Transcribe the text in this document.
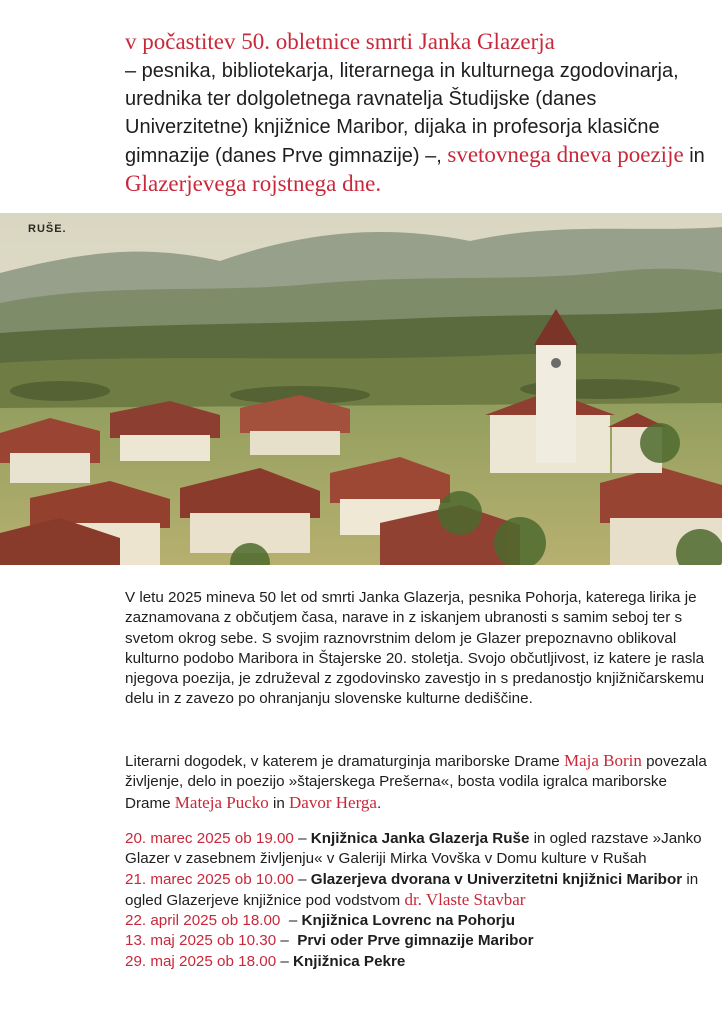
v počastitev 50. obletnice smrti Janka Glazerja
– pesnika, bibliotekarja, literarnega in kulturnega zgodovinarja, urednika ter dolgoletnega ravnatelja Študijske (danes Univerzitetne) knjižnice Maribor, dijaka in profesorja klasične gimnazije (danes Prve gimnazije) –, svetovnega dneva poezije in Glazerjevega rojstnega dne.
RUŠE.
V letu 2025 mineva 50 let od smrti Janka Glazerja, pesnika Pohorja, katerega lirika je zaznamovana z občutjem časa, narave in z iskanjem ubranosti s samim seboj ter s svetom okrog sebe. S svojim raznovrstnim delom je Glazer prepoznavno oblikoval kulturno podobo Maribora in Štajerske 20. stoletja. Svojo občutljivost, iz katere je rasla njegova poezija, je združeval z zgodovinsko zavestjo in s predanostjo knjižničarskemu delu in z zavezo po ohranjanju slovenske kulturne dediščine.
Literarni dogodek, v katerem je dramaturginja mariborske Drame Maja Borin povezala življenje, delo in poezijo »štajerskega Prešerna«, bosta vodila igralca mariborske Drame Mateja Pucko in Davor Herga.
20. marec 2025 ob 19.00 – Knjižnica Janka Glazerja Ruše in ogled razstave »Janko Glazer v zasebnem življenju« v Galeriji Mirka Vovška v Domu kulture v Rušah
21. marec 2025 ob 10.00 – Glazerjeva dvorana v Univerzitetni knjižnici Maribor in ogled Glazerjeve knjižnice pod vodstvom dr. Vlaste Stavbar
22. april 2025 ob 18.00  – Knjižnica Lovrenc na Pohorju
13. maj 2025 ob 10.30 –  Prvi oder Prve gimnazije Maribor
29. maj 2025 ob 18.00 – Knjižnica Pekre
